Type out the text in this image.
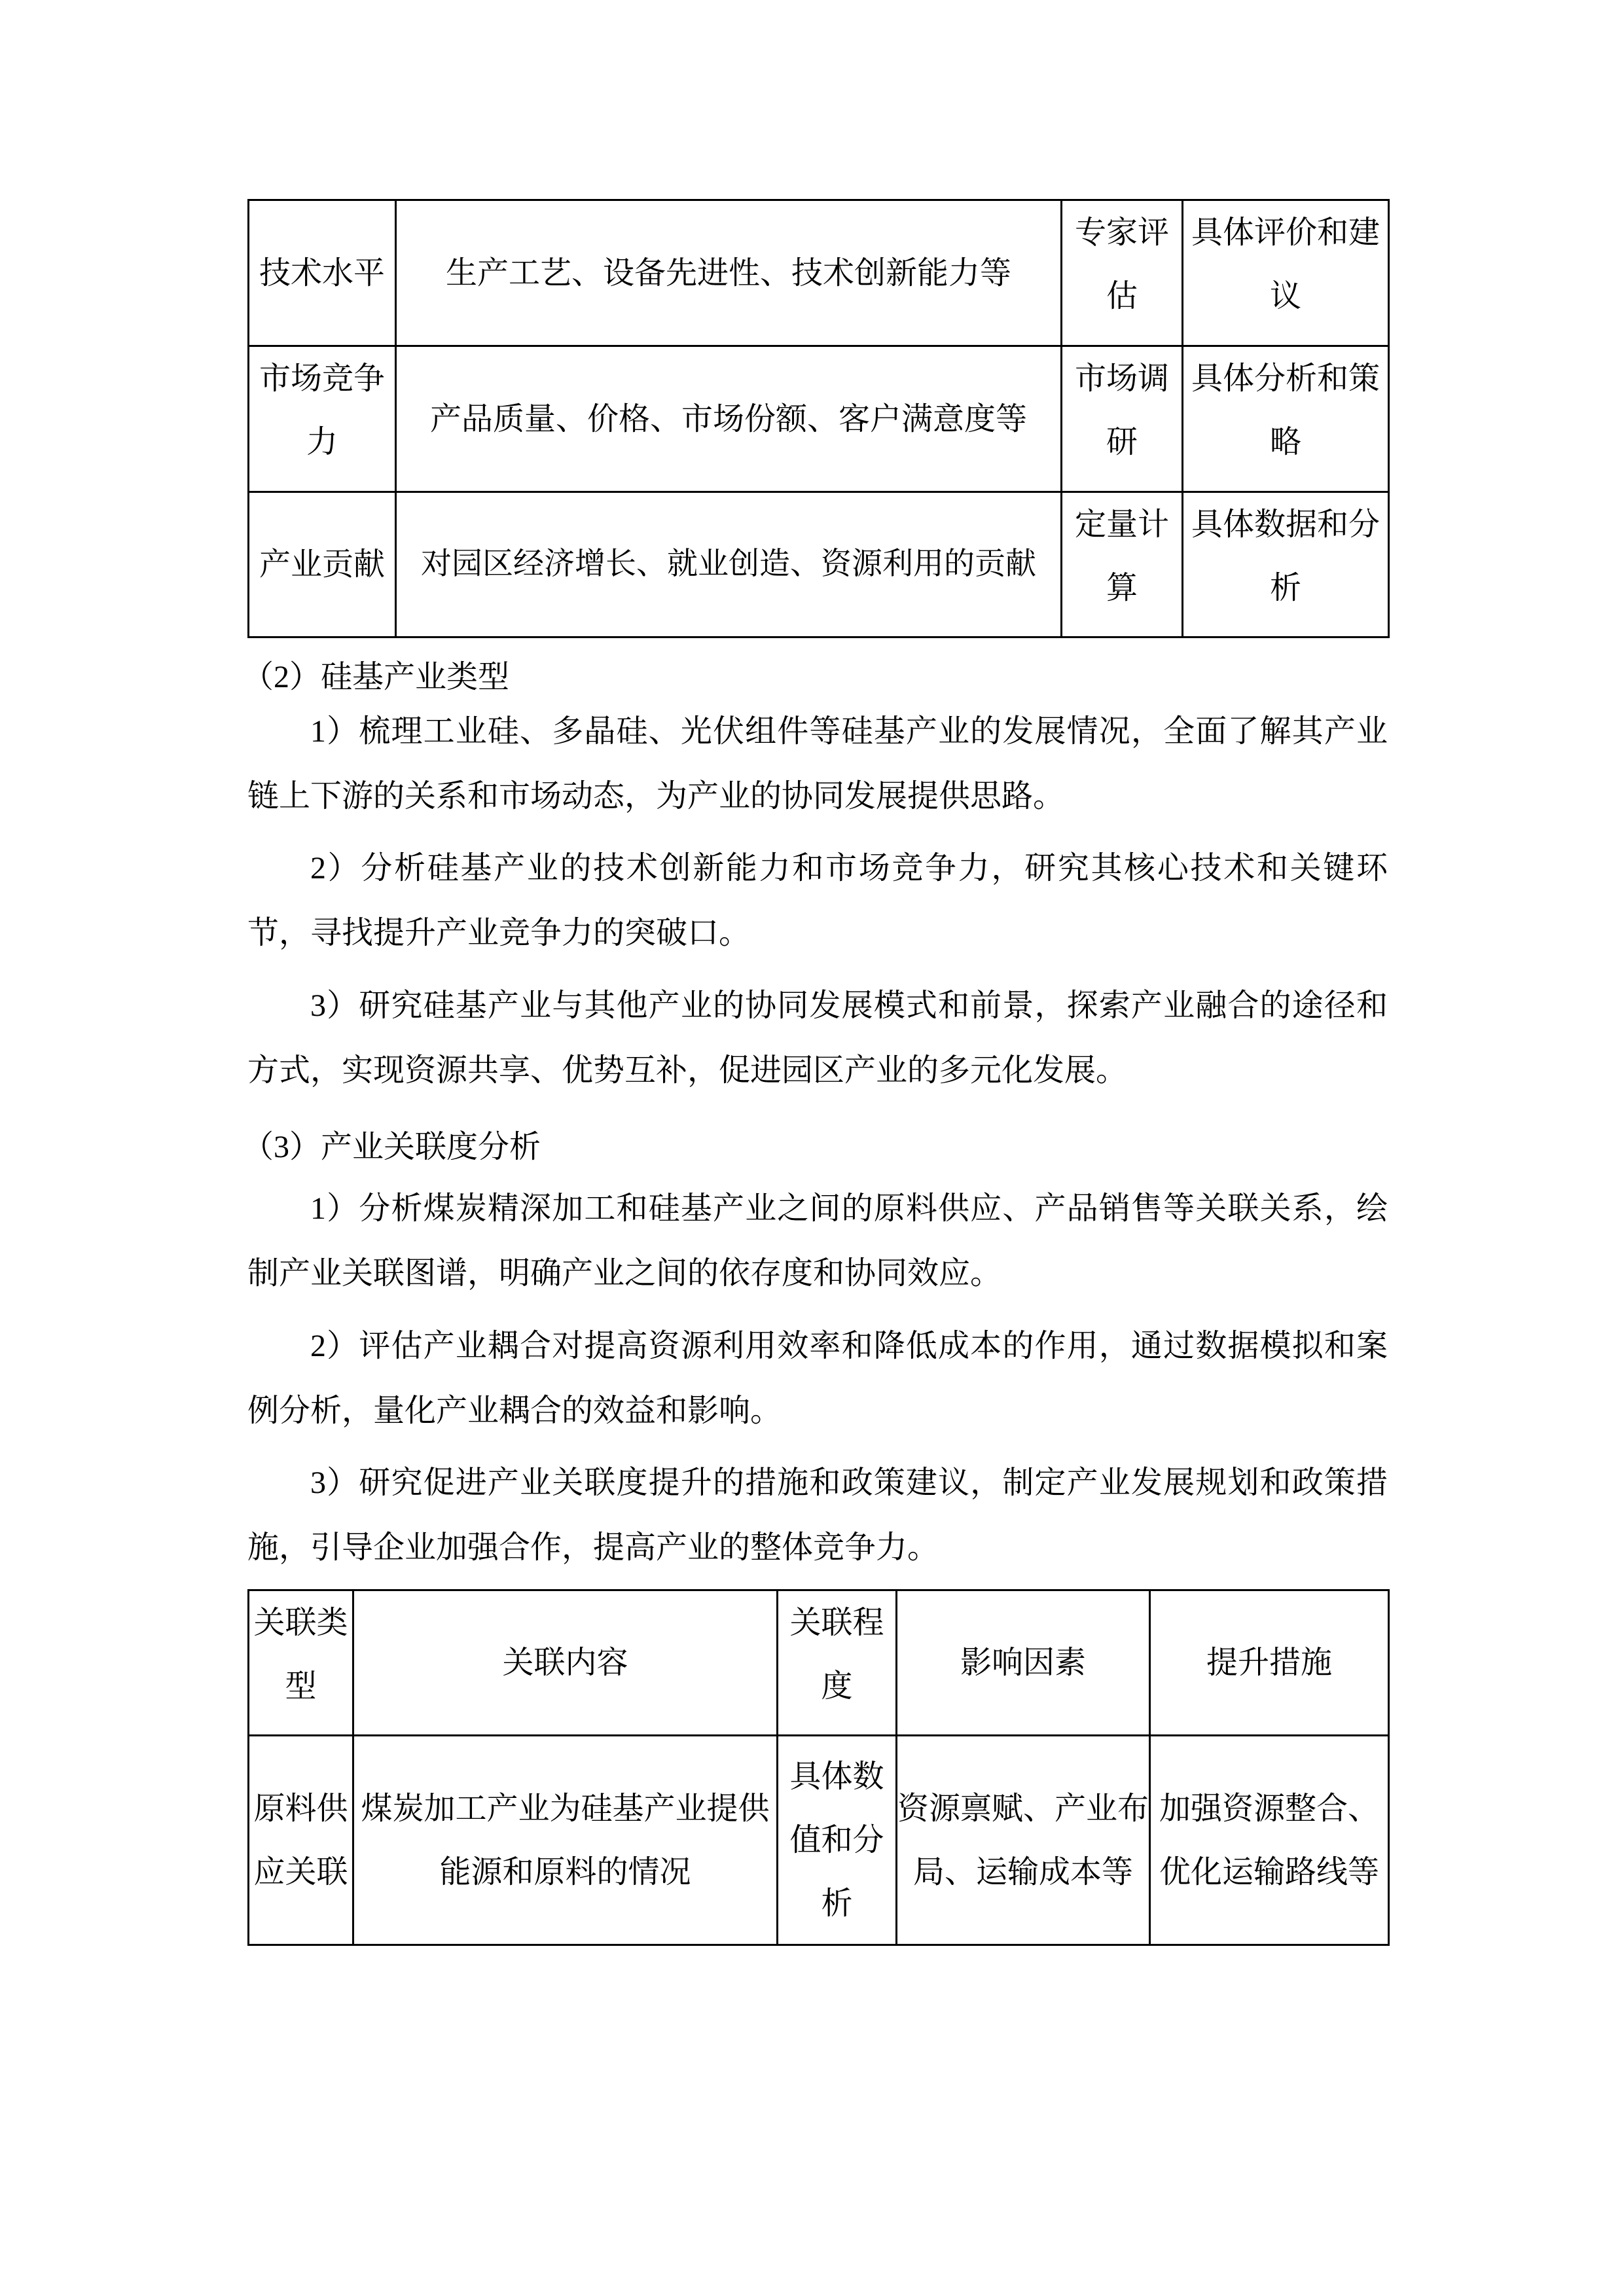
技术水平	生产工艺、设备先进性、技术创新能力等	专家评估	具体评价和建议
市场竞争力	产品质量、价格、市场份额、客户满意度等	市场调研	具体分析和策略
产业贡献	对园区经济增长、就业创造、资源利用的贡献	定量计算	具体数据和分析
（2）硅基产业类型
1）梳理工业硅、多晶硅、光伏组件等硅基产业的发展情况，全面了解其产业链上下游的关系和市场动态，为产业的协同发展提供思路。
2）分析硅基产业的技术创新能力和市场竞争力，研究其核心技术和关键环节，寻找提升产业竞争力的突破口。
3）研究硅基产业与其他产业的协同发展模式和前景，探索产业融合的途径和方式，实现资源共享、优势互补，促进园区产业的多元化发展。
（3）产业关联度分析
1）分析煤炭精深加工和硅基产业之间的原料供应、产品销售等关联关系，绘制产业关联图谱，明确产业之间的依存度和协同效应。
2）评估产业耦合对提高资源利用效率和降低成本的作用，通过数据模拟和案例分析，量化产业耦合的效益和影响。
3）研究促进产业关联度提升的措施和政策建议，制定产业发展规划和政策措施，引导企业加强合作，提高产业的整体竞争力。
关联类型	关联内容	关联程度	影响因素	提升措施
原料供应关联	煤炭加工产业为硅基产业提供能源和原料的情况	具体数值和分析	资源禀赋、产业布局、运输成本等	加强资源整合、优化运输路线等
